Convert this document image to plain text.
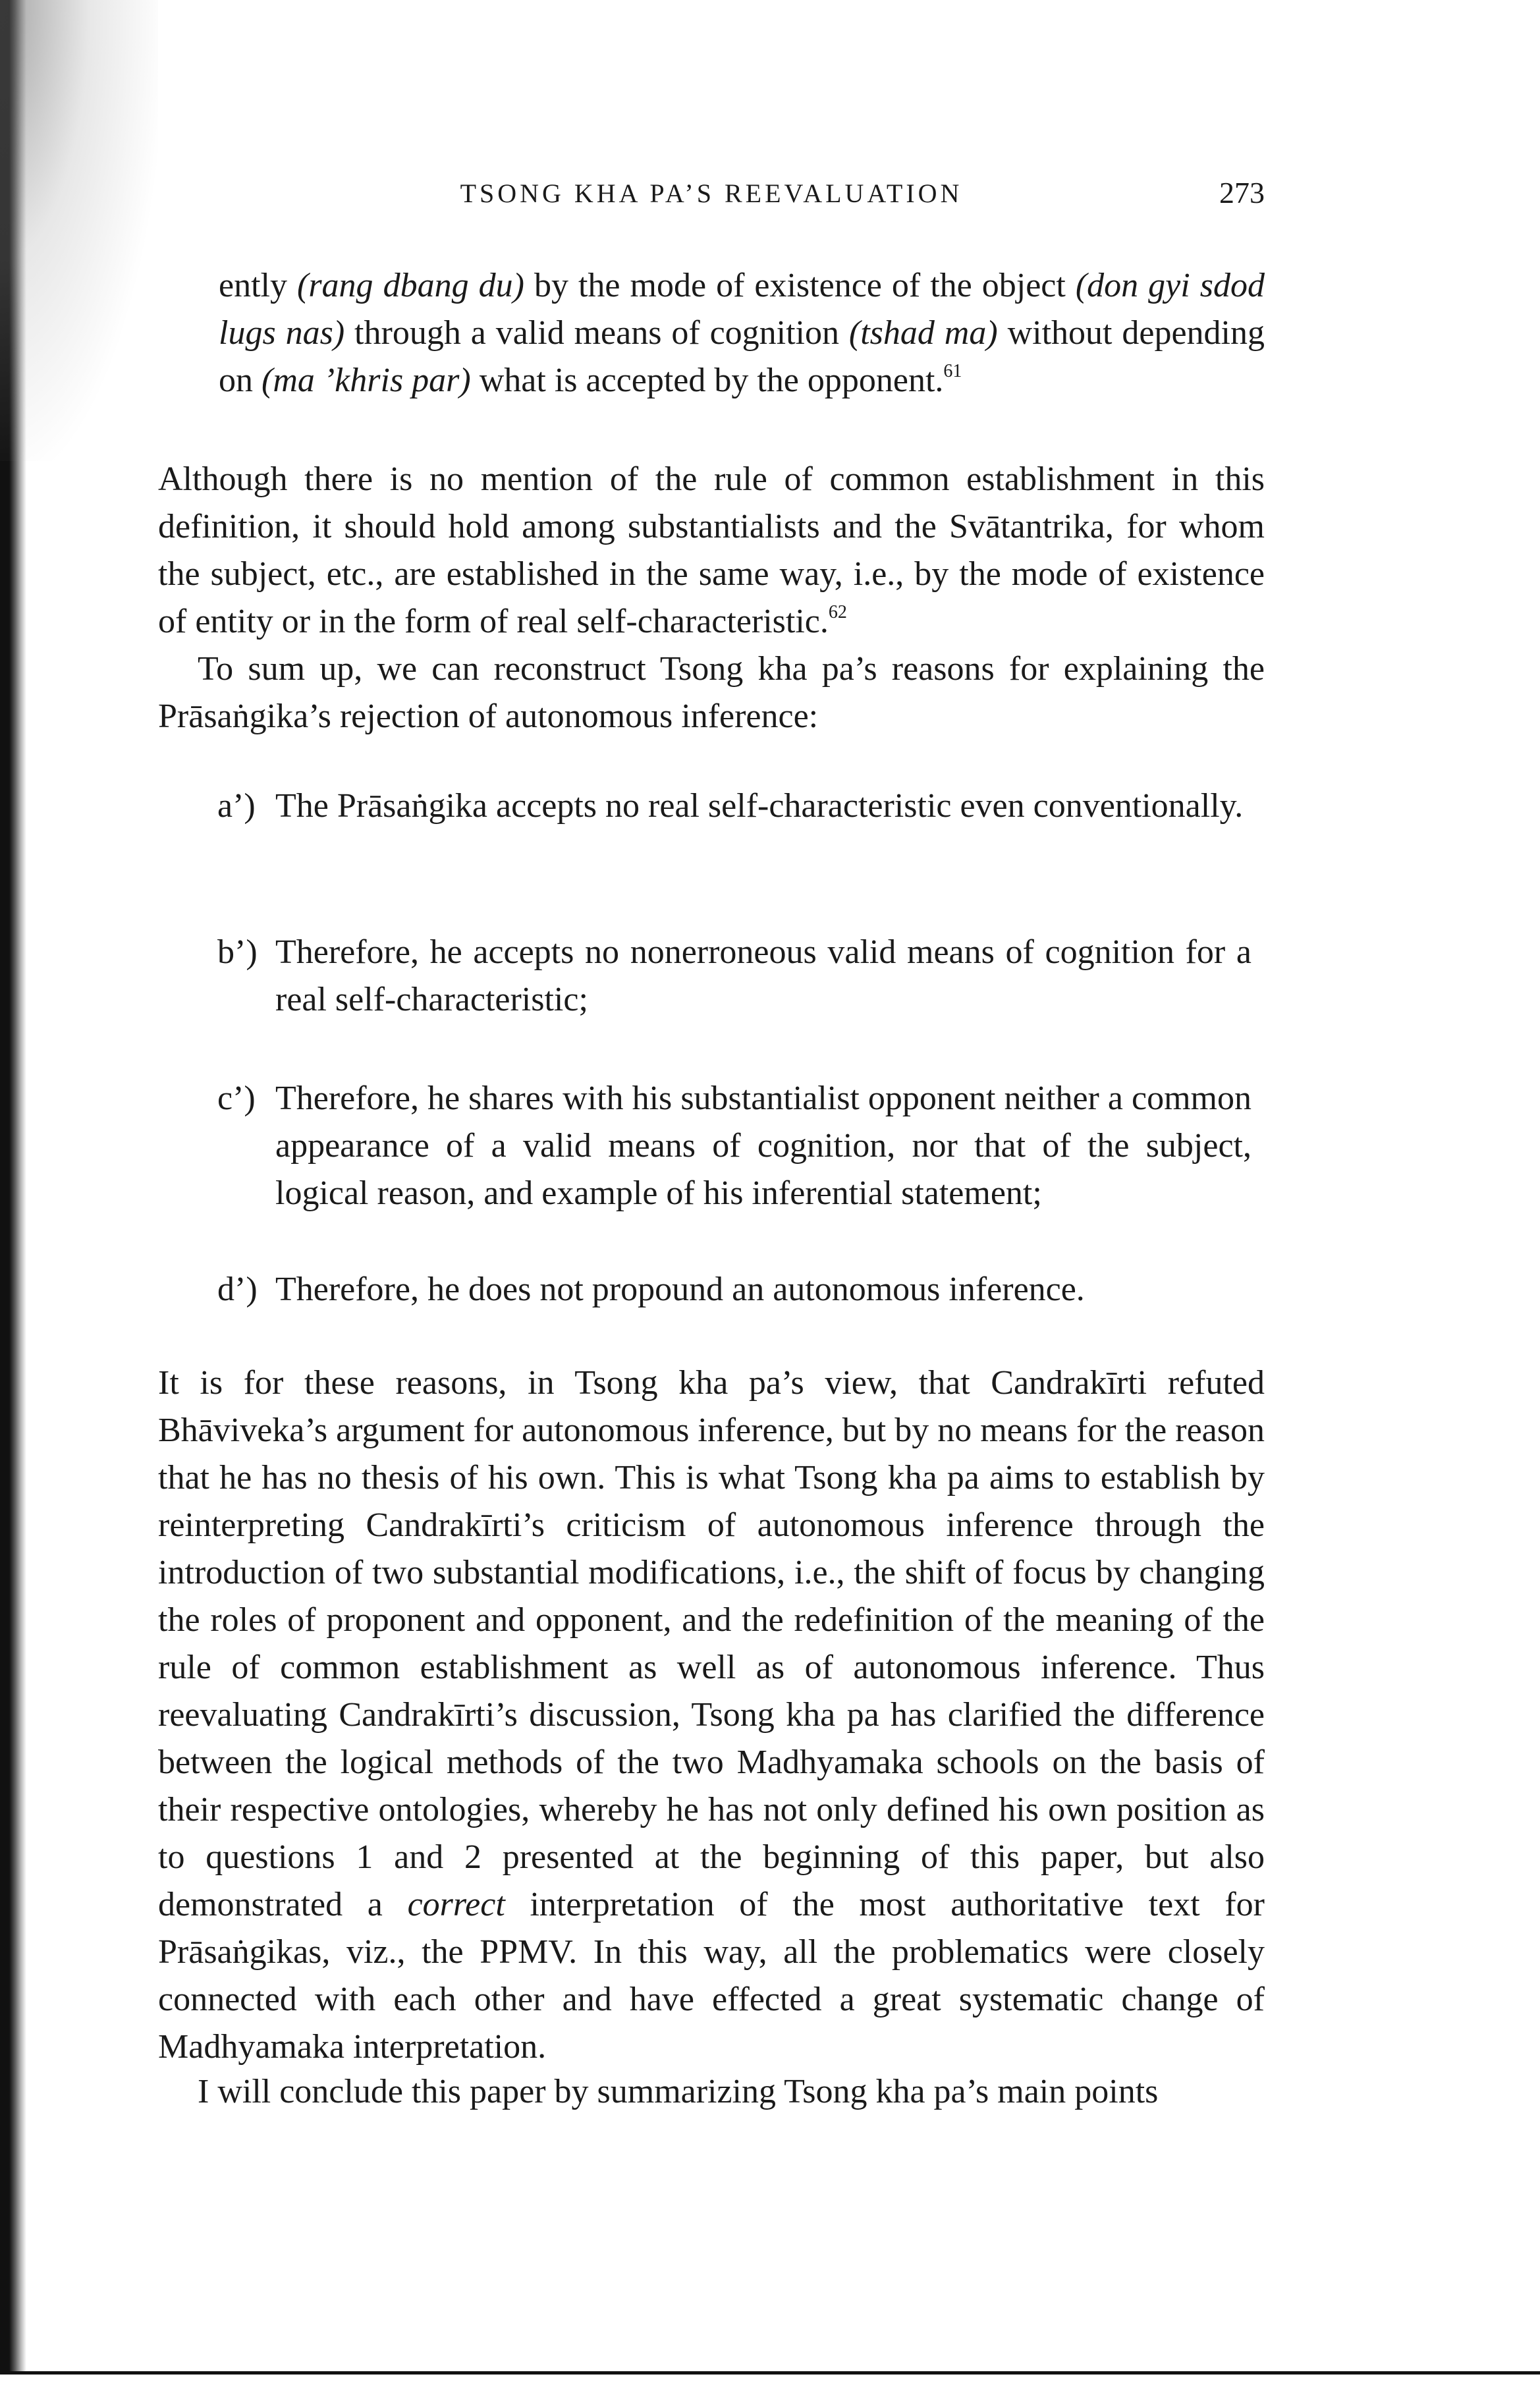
TSONG KHA PA’S REEVALUATION	273

ently (rang dbang du) by the mode of existence of the object (don gyi sdod lugs nas) through a valid means of cognition (tshad ma) without depending on (ma ’khris par) what is accepted by the opponent.$^{61}$

Although there is no mention of the rule of common establishment in this definition, it should hold among substantialists and the Svātantrika, for whom the subject, etc., are established in the same way, i.e., by the mode of existence of entity or in the form of real self-characteristic.$^{62}$

To sum up, we can reconstruct Tsong kha pa’s reasons for explaining the Prāsaṅgika’s rejection of autonomous inference:

a’) The Prāsaṅgika accepts no real self-characteristic even conventionally.
b’) Therefore, he accepts no nonerroneous valid means of cognition for a real self-characteristic;
c’) Therefore, he shares with his substantialist opponent neither a common appearance of a valid means of cognition, nor that of the subject, logical reason, and example of his inferential statement;
d’) Therefore, he does not propound an autonomous inference.

It is for these reasons, in Tsong kha pa’s view, that Candrakīrti refuted Bhāviveka’s argument for autonomous inference, but by no means for the reason that he has no thesis of his own. This is what Tsong kha pa aims to establish by reinterpreting Candrakīrti’s criticism of autonomous inference through the introduction of two substantial modifications, i.e., the shift of focus by changing the roles of proponent and opponent, and the redefinition of the meaning of the rule of common establishment as well as of autonomous inference. Thus reevaluating Candrakīrti’s discussion, Tsong kha pa has clarified the difference between the logical methods of the two Madhyamaka schools on the basis of their respective ontologies, whereby he has not only defined his own position as to questions 1 and 2 presented at the beginning of this paper, but also demonstrated a correct interpretation of the most authoritative text for Prāsaṅgikas, viz., the PPMV. In this way, all the problematics were closely connected with each other and have effected a great systematic change of Madhyamaka interpretation.

I will conclude this paper by summarizing Tsong kha pa’s main points
